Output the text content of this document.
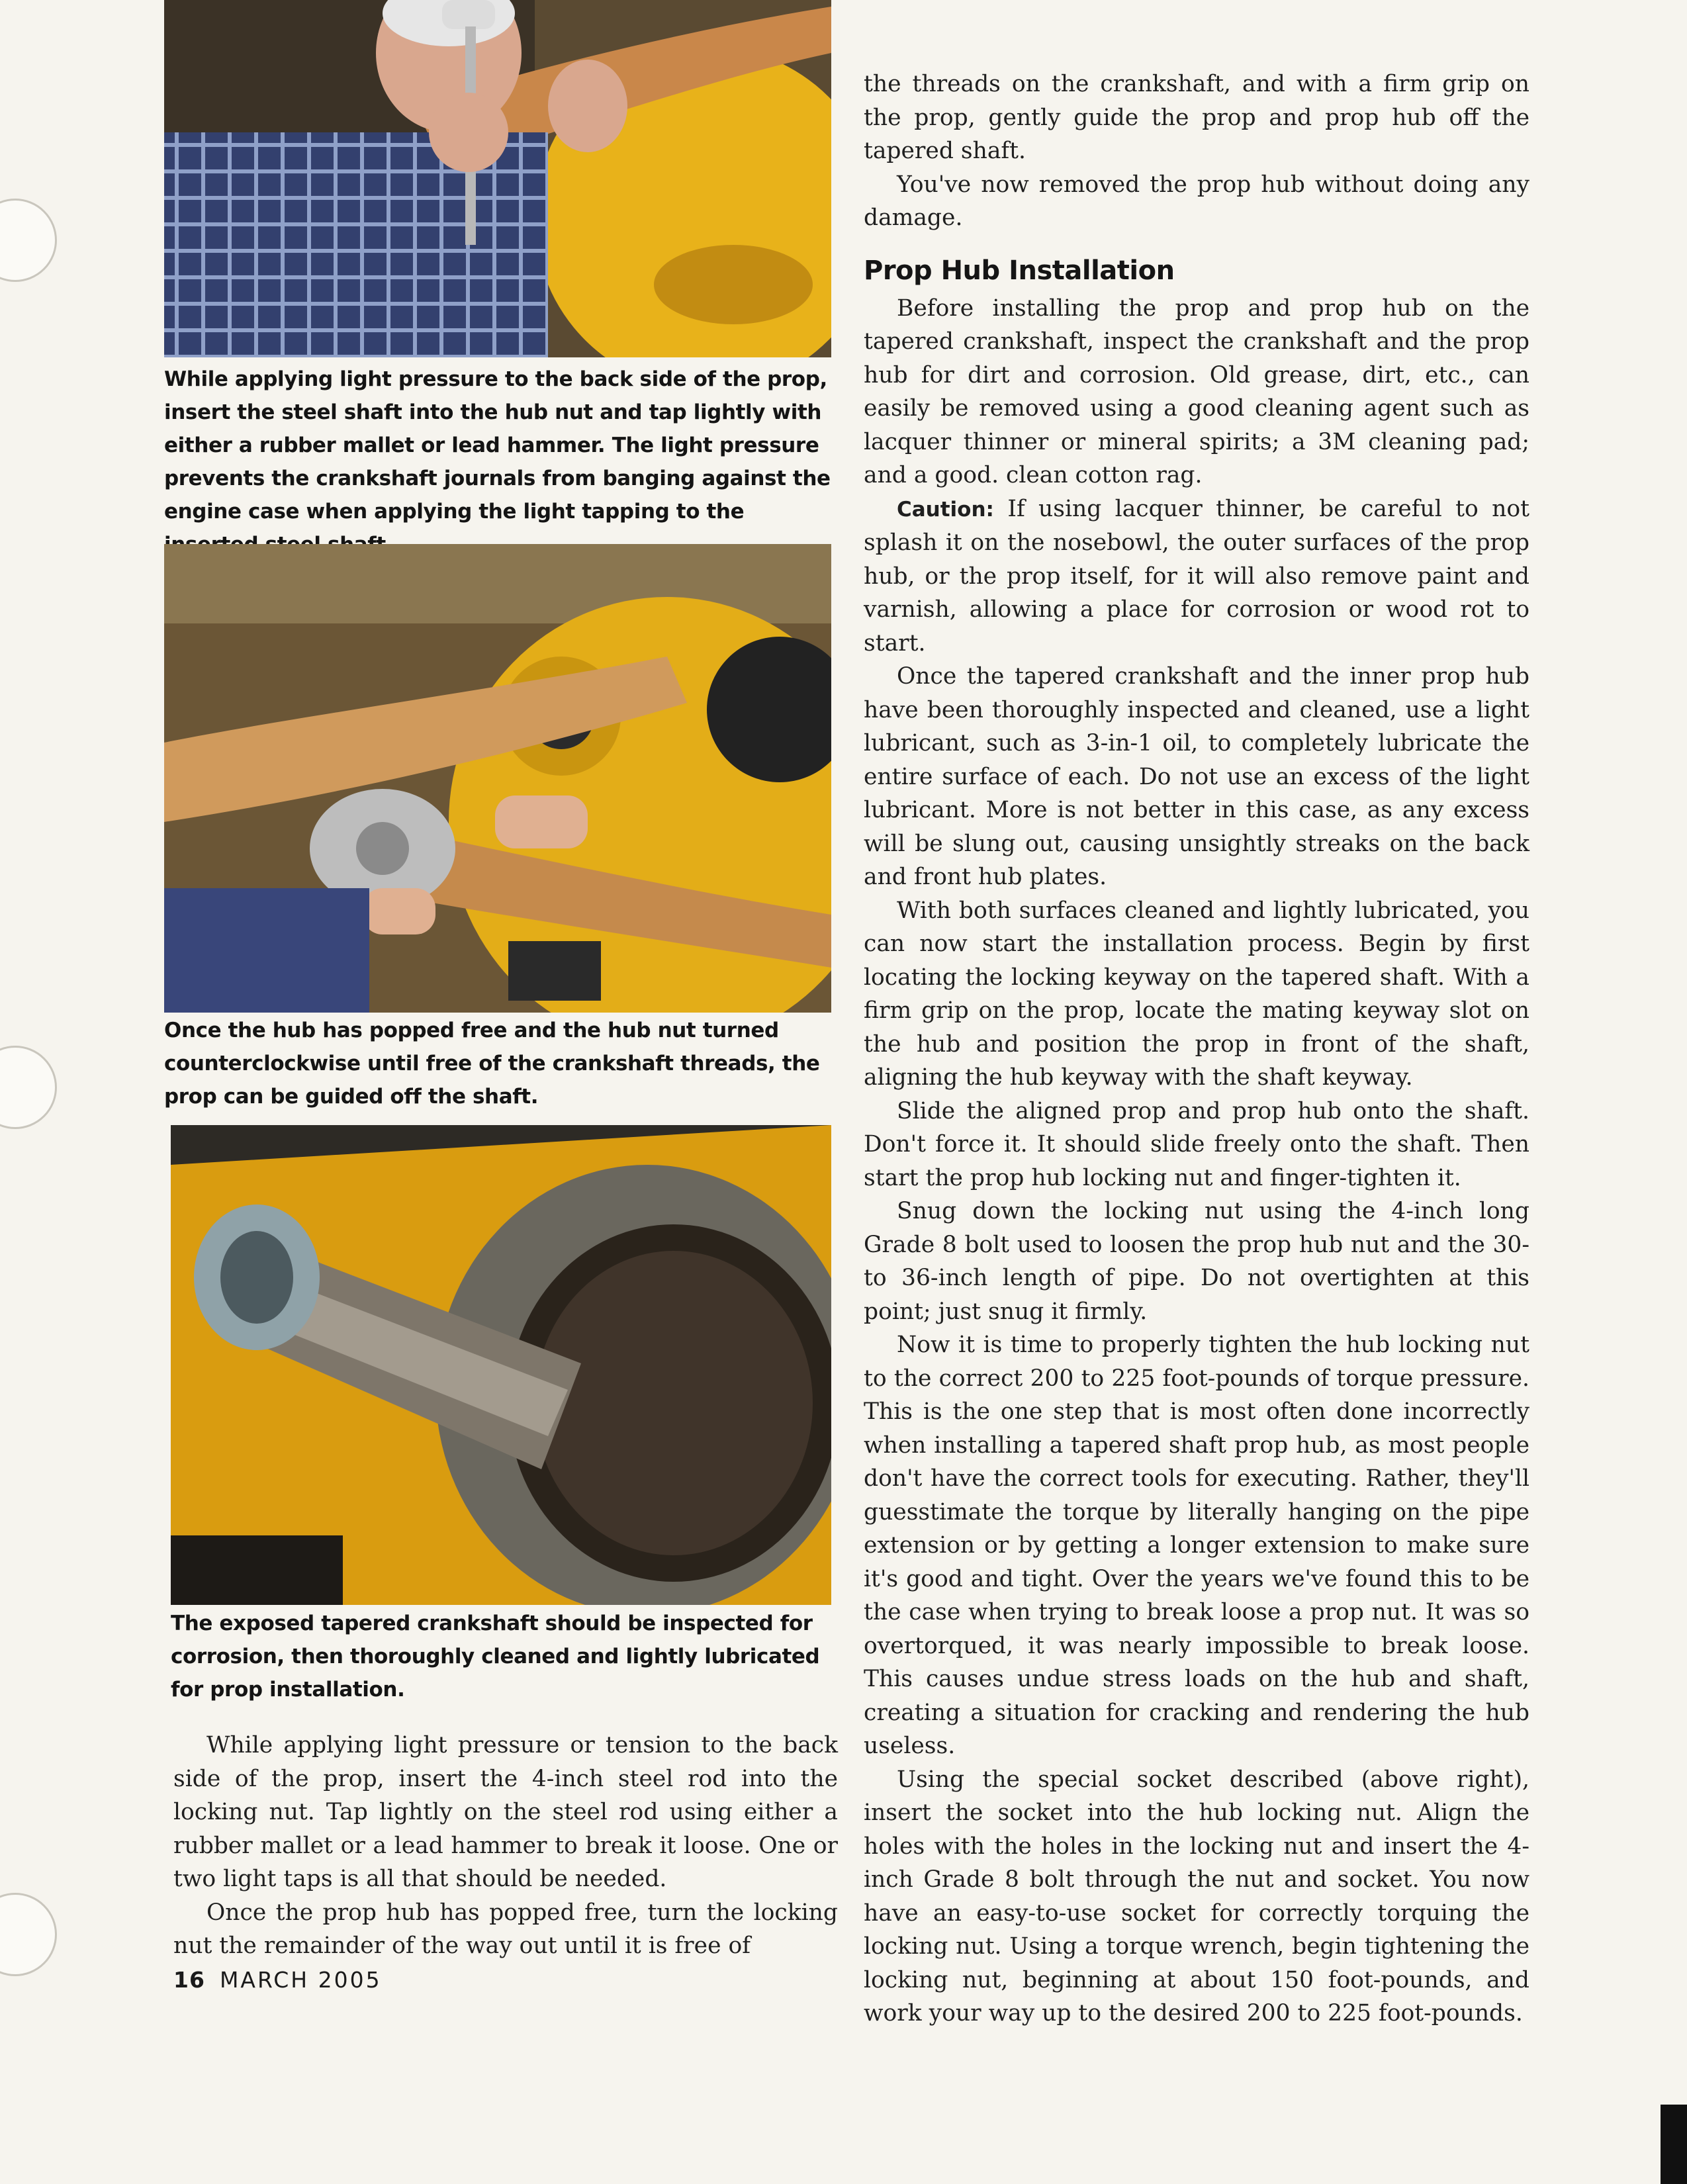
While applying light pressure to the back side of the prop, insert the steel shaft into the hub nut and tap lightly with either a rubber mallet or lead hammer. The light pressure prevents the crankshaft journals from banging against the engine case when applying the light tapping to the

Once the hub has popped free and the hub nut turned counterclockwise until free of the crankshaft threads, the prop can be guided off the shaft.

The exposed tapered crankshaft should be inspected for corrosion, then thoroughly cleaned and lightly lubricated for prop installation.

While applying light pressure or tension to the back side of the prop, insert the 4-inch steel rod into the locking nut. Tap lightly on the steel rod using either a rubber mallet or a lead hammer to break it loose. One or two light taps is all that should be needed.

Once the prop hub has popped free, turn the locking nut the remainder of the way out until it is free of

the threads on the crankshaft, and with a firm grip on the prop, gently guide the prop and prop hub off the tapered shaft.

You've now removed the prop hub without doing any damage.

Prop Hub Installation

Before installing the prop and prop hub on the tapered crankshaft, inspect the crankshaft and the prop hub for dirt and corrosion. Old grease, dirt, etc., can easily be removed using a good cleaning agent such as lacquer thinner or mineral spirits; a 3M cleaning pad; and a good. clean cotton rag.

Caution: If using lacquer thinner, be careful to not splash it on the nosebowl, the outer surfaces of the prop hub, or the prop itself, for it will also remove paint and varnish, allowing a place for corrosion or wood rot to start.

Once the tapered crankshaft and the inner prop hub have been thoroughly inspected and cleaned, use a light lubricant, such as 3-in-1 oil, to completely lubricate the entire surface of each. Do not use an excess of the light lubricant. More is not better in this case, as any excess will be slung out, causing unsightly streaks on the back and front hub plates.

With both surfaces cleaned and lightly lubricated, you can now start the installation process. Begin by first locating the locking keyway on the tapered shaft. With a firm grip on the prop, locate the mating keyway slot on the hub and position the prop in front of the shaft, aligning the hub keyway with the shaft keyway.

Slide the aligned prop and prop hub onto the shaft. Don't force it. It should slide freely onto the shaft. Then start the prop hub locking nut and finger-tighten it.

Snug down the locking nut using the 4-inch long Grade 8 bolt used to loosen the prop hub nut and the 30- to 36-inch length of pipe. Do not overtighten at this point; just snug it firmly.

Now it is time to properly tighten the hub locking nut to the correct 200 to 225 foot-pounds of torque pressure. This is the one step that is most often done incorrectly when installing a tapered shaft prop hub, as most people don't have the correct tools for executing. Rather, they'll guesstimate the torque by literally hanging on the pipe extension or by getting a longer extension to make sure it's good and tight. Over the years we've found this to be the case when trying to break loose a prop nut. It was so overtorqued, it was nearly impossible to break loose. This causes undue stress loads on the hub and shaft, creating a situation for cracking and rendering the hub useless.

Using the special socket described (above right), insert the socket into the hub locking nut. Align the holes with the holes in the locking nut and insert the 4-inch Grade 8 bolt through the nut and socket. You now have an easy-to-use socket for correctly torquing the locking nut. Using a torque wrench, begin tightening the locking nut, beginning at about 150 foot-pounds, and work your way up to the desired 200 to 225 foot-pounds.

16 MARCH 2005
